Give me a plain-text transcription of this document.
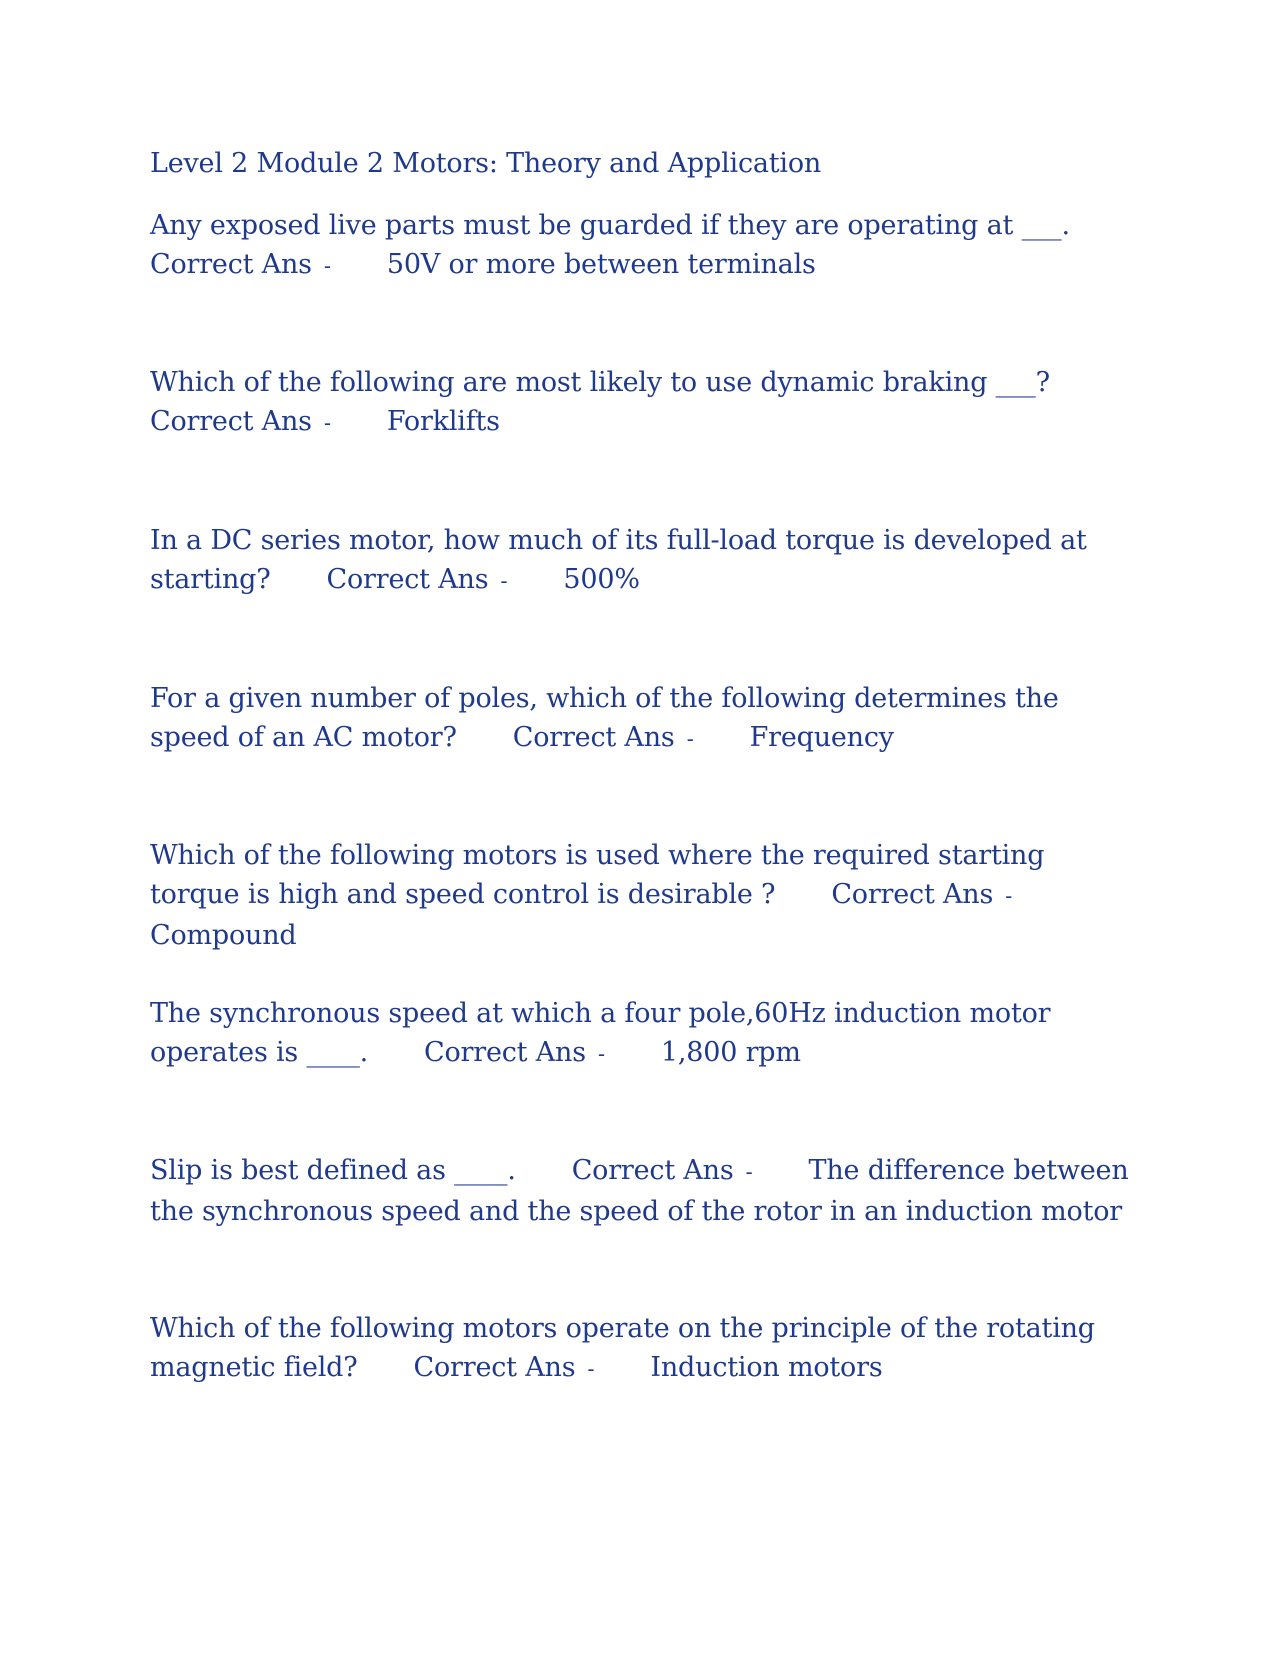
Level 2 Module 2 Motors: Theory and Application

Any exposed live parts must be guarded if they are operating at ___.Correct Ans - 50V or more between terminals

Which of the following are most likely to use dynamic braking ___?Correct Ans - Forklifts

In a DC series motor, how much of its full-load torque is developed at starting? Correct Ans - 500%

For a given number of poles, which of the following determines the speed of an AC motor? Correct Ans - Frequency

Which of the following motors is used where the required starting torque is high and speed control is desirable ? Correct Ans -Compound

The synchronous speed at which a four pole,60Hz induction motor operates is ____. Correct Ans - 1,800 rpm

Slip is best defined as ____. Correct Ans - The difference between the synchronous speed and the speed of the rotor in an induction motor

Which of the following motors operate on the principle of the rotating magnetic field? Correct Ans - Induction motors
